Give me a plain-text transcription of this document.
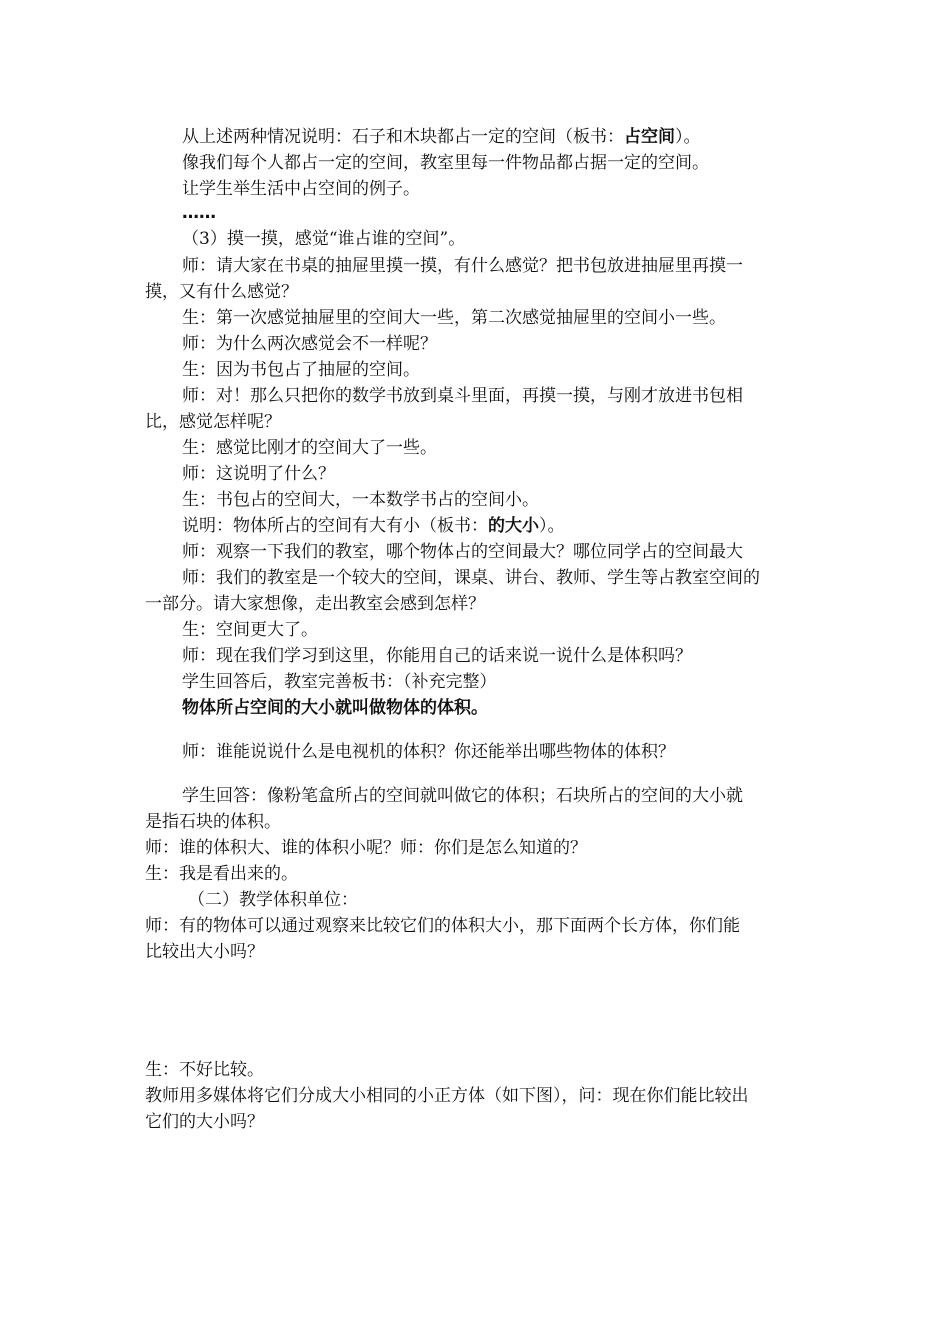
从上述两种情况说明：石子和木块都占一定的空间（板书：占空间）。
像我们每个人都占一定的空间，教室里每一件物品都占据一定的空间。
让学生举生活中占空间的例子。
……
（3）摸一摸，感觉“谁占谁的空间”。
师：请大家在书桌的抽屉里摸一摸，有什么感觉？把书包放进抽屉里再摸一
摸，又有什么感觉？
生：第一次感觉抽屉里的空间大一些，第二次感觉抽屉里的空间小一些。
师：为什么两次感觉会不一样呢？
生：因为书包占了抽屉的空间。
师：对！那么只把你的数学书放到桌斗里面，再摸一摸，与刚才放进书包相
比，感觉怎样呢？
生：感觉比刚才的空间大了一些。
师：这说明了什么？
生：书包占的空间大，一本数学书占的空间小。
说明：物体所占的空间有大有小（板书：的大小）。
师：观察一下我们的教室，哪个物体占的空间最大？哪位同学占的空间最大
师：我们的教室是一个较大的空间，课桌、讲台、教师、学生等占教室空间的
一部分。请大家想像，走出教室会感到怎样？
生：空间更大了。
师：现在我们学习到这里，你能用自己的话来说一说什么是体积吗？
学生回答后，教室完善板书：（补充完整）
物体所占空间的大小就叫做物体的体积。
师：谁能说说什么是电视机的体积？你还能举出哪些物体的体积？
学生回答：像粉笔盒所占的空间就叫做它的体积；石块所占的空间的大小就
是指石块的体积。
师：谁的体积大、谁的体积小呢？师：你们是怎么知道的？
生：我是看出来的。
（二）教学体积单位：
师：有的物体可以通过观察来比较它们的体积大小，那下面两个长方体，你们能
比较出大小吗？
生：不好比较。
教师用多媒体将它们分成大小相同的小正方体（如下图），问：现在你们能比较出
它们的大小吗？
